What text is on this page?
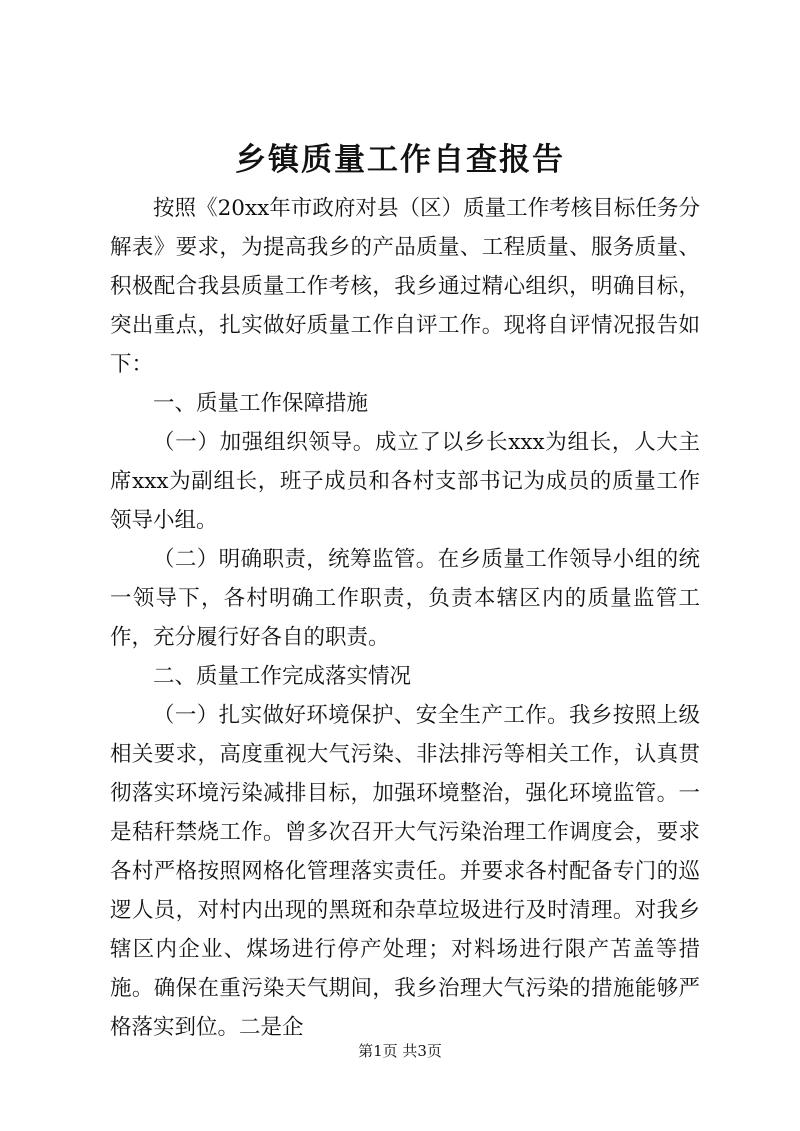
乡镇质量工作自查报告

按照《20xx年市政府对县（区）质量工作考核目标任务分解表》要求，为提高我乡的产品质量、工程质量、服务质量、积极配合我县质量工作考核，我乡通过精心组织，明确目标，突出重点，扎实做好质量工作自评工作。现将自评情况报告如下：

一、质量工作保障措施

（一）加强组织领导。成立了以乡长xxx为组长，人大主席xxx为副组长，班子成员和各村支部书记为成员的质量工作领导小组。

（二）明确职责，统筹监管。在乡质量工作领导小组的统一领导下，各村明确工作职责，负责本辖区内的质量监管工作，充分履行好各自的职责。

二、质量工作完成落实情况

（一）扎实做好环境保护、安全生产工作。我乡按照上级相关要求，高度重视大气污染、非法排污等相关工作，认真贯彻落实环境污染减排目标，加强环境整治，强化环境监管。一是秸秆禁烧工作。曾多次召开大气污染治理工作调度会，要求各村严格按照网格化管理落实责任。并要求各村配备专门的巡逻人员，对村内出现的黑斑和杂草垃圾进行及时清理。对我乡辖区内企业、煤场进行停产处理；对料场进行限产苫盖等措施。确保在重污染天气期间，我乡治理大气污染的措施能够严格落实到位。二是企

第1页 共3页
